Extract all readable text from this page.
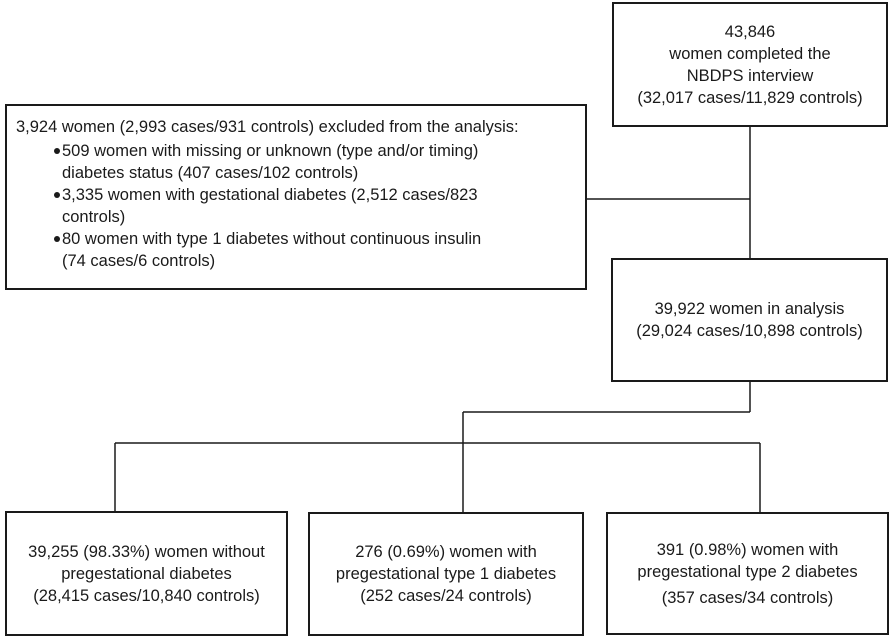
43,846
women completed the
NBDPS interview
(32,017 cases/11,829 controls)
3,924 women (2,993 cases/931 controls) excluded from the analysis:
509 women with missing or unknown (type and/or timing)
diabetes status (407 cases/102 controls)
3,335 women with gestational diabetes (2,512 cases/823
controls)
80 women with type 1 diabetes without continuous insulin
(74 cases/6 controls)
39,922 women in analysis
(29,024 cases/10,898 controls)
39,255 (98.33%) women without
pregestational diabetes
(28,415 cases/10,840 controls)
276 (0.69%) women with
pregestational type 1 diabetes
(252 cases/24 controls)
391 (0.98%) women with
pregestational type 2 diabetes
(357 cases/34 controls)
